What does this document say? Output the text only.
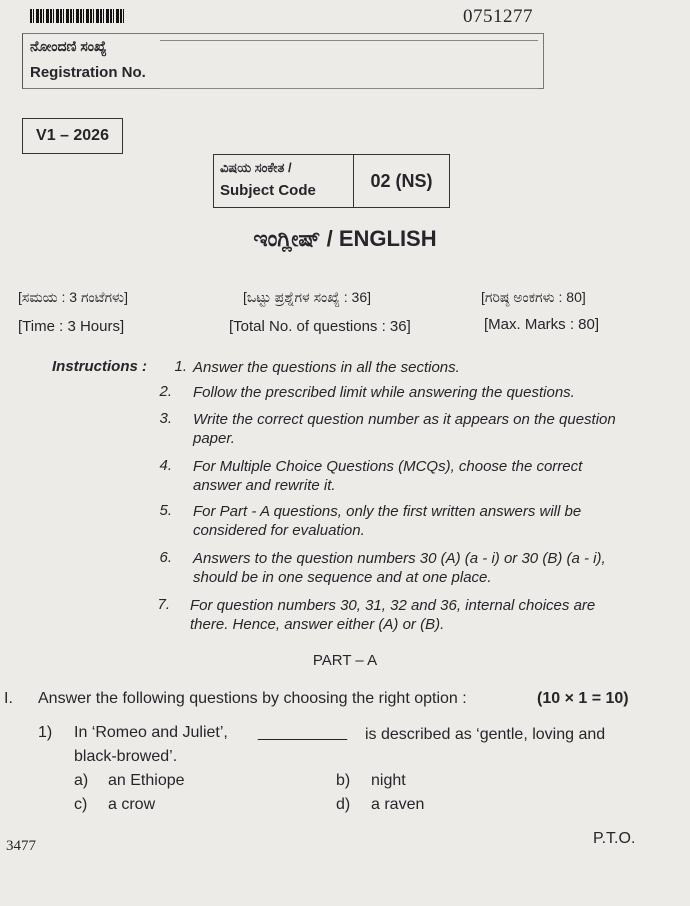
0751277
ನೋಂದಣಿ ಸಂಖ್ಯೆ
Registration No.
V1 – 2026
ವಿಷಯ ಸಂಕೇತ /
Subject Code	02 (NS)
ಇಂಗ್ಲೀಷ್ / ENGLISH
[ಸಮಯ : 3 ಗಂಟೆಗಳು]	[ಒಟ್ಟು ಪ್ರಶ್ನೆಗಳ ಸಂಖ್ಯೆ : 36]	[ಗರಿಷ್ಠ ಅಂಕಗಳು : 80]
[Time : 3 Hours]	[Total No. of questions : 36]	[Max. Marks : 80]
Instructions :	1. Answer the questions in all the sections.
2. Follow the prescribed limit while answering the questions.
3. Write the correct question number as it appears on the question paper.
4. For Multiple Choice Questions (MCQs), choose the correct answer and rewrite it.
5. For Part - A questions, only the first written answers will be considered for evaluation.
6. Answers to the question numbers 30 (A) (a - i) or 30 (B) (a - i), should be in one sequence and at one place.
7. For question numbers 30, 31, 32 and 36, internal choices are there. Hence, answer either (A) or (B).
PART – A
I. Answer the following questions by choosing the right option :	(10 × 1 = 10)
1) In ‘Romeo and Juliet’, __________	is described as ‘gentle, loving and black-browed’.
a) an Ethiope	b) night
c) a crow	d) a raven
3477	P.T.O.
